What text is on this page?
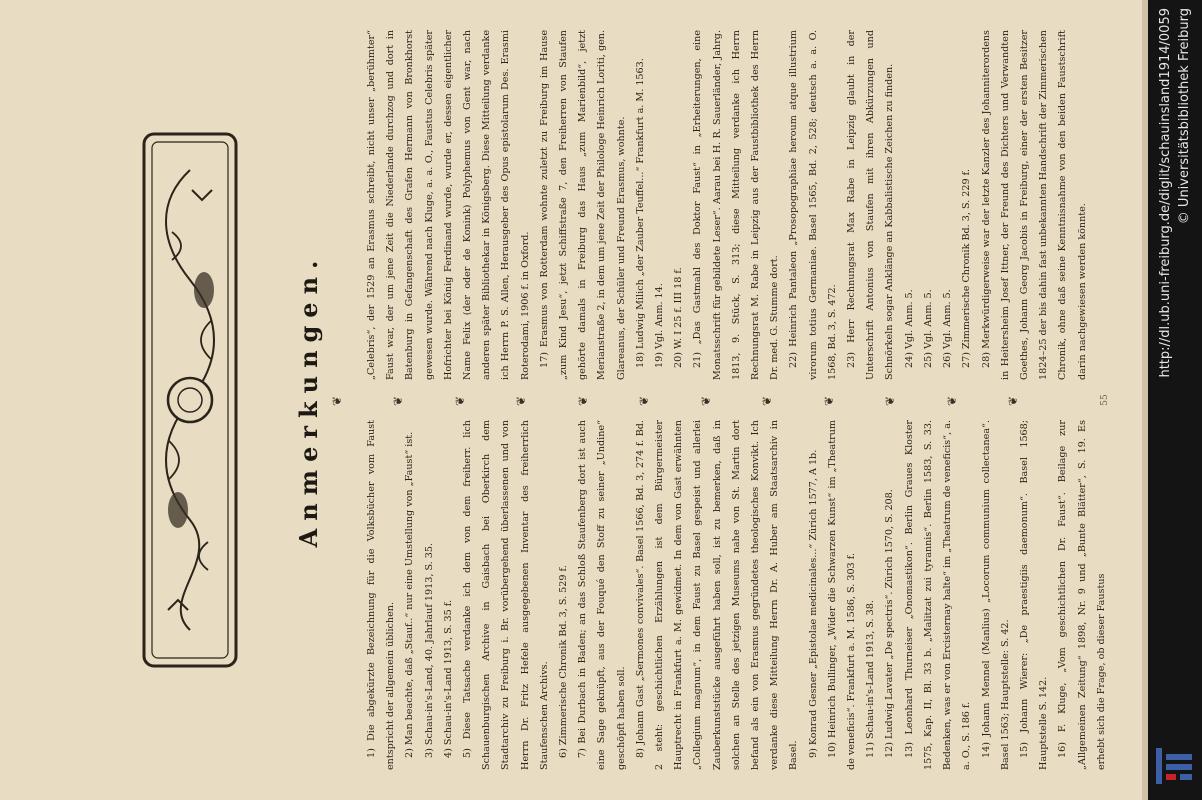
Anmerkungen.

1) Die abgekürzte Bezeichnung für die Volksbücher vom Faust entspricht der allgemein üblichen. 2) Man beachte, daß „Stauf..“ nur eine Umstellung von „Faust“ ist. 3) Schau-in's-Land, 40. Jahrlauf 1913, S. 35. 4) Schau-in's-Land 1913, S. 35 f. 5) Diese Tatsache verdanke ich dem von dem freiherr. lich Schauenburgischen Archive in Gaisbach bei Oberkirch dem Stadtarchiv zu Freiburg i. Br. vorübergehend überlassenen und von Herrn Dr. Fritz Hefele ausgegebenen Inventar des freiherrlich Staufenschen Archivs. 6) Zimmerische Chronik Bd. 3, S. 529 f. 7) Bei Durbach in Baden; an das Schloß Staufenberg dort ist auch eine Sage geknüpft, aus der Fouqué den Stoff zu seiner „Undine“ geschöpft haben soll. 8) Johann Gast „Sermones convivales“. Basel 1566, Bd. 3, 274 f. Bd. 2 steht: geschichtlichen Erzählungen ist dem Bürgermeister Hauptrecht in Frankfurt a. M. gewidmet. In dem von Gast erwähnten „Collegium magnum“, in dem Faust zu Basel gespeist und allerlei Zauberkunststücke ausgeführt haben soll, ist zu bemerken, daß in solchen an Stelle des jetzigen Museums nahe von St. Martin dort befand als ein von Erasmus gegründetes theologisches Konvikt. Ich verdanke diese Mitteilung Herrn Dr. A. Huber am Staatsarchiv in Basel. 9) Konrad Gesner „Epistolae medicinales...“ Zürich 1577, A 1b. 10) Heinrich Bullinger, „Wider die Schwarzen Kunst“ im „Theatrum de veneficis“. Frankfurt a. M. 1586, S. 303 f. 11) Schau-in's-Land 1913, S. 38. 12) Ludwig Lavater „De spectris“. Zürich 1570, S. 208. 13) Leonhard Thurneiser „Onomastikon“. Berlin Graues Kloster 1575, Kap. II, Bl. 33 b. „Malitzat zui tyrannis“. Berlin 1583, S. 33. Bedenken, was er von Ercisternay halte“ im „Theatrum de veneficis“, a. a. O., S. 186 f. 14) Johann Mennel (Manlius) „Locorum communium collectanea“. Basel 1563; Hauptstelle: S. 42. 15) Johann Wierer: „De praestigiis daemonum“. Basel 1568; Hauptstelle S. 142. 16) F. Kluge, „Vom geschichtlichen Dr. Faust“. Beilage zur „Allgemeinen Zeitung“ 1898, Nr. 9 und „Bunte Blätter“, S. 19. Es erhebt sich die Frage, ob dieser Faustus

❦	❦	❦	❦	❦	❦	❦	❦	❦	❦	❦	❦

„Celebris“, der 1529 an Erasmus schreibt, nicht unser „berühmter“ Faust war, der um jene Zeit die Niederlande durchzog und dort in Batenburg in Gefangenschaft des Grafen Hermann von Bronkhorst gewesen wurde. Während nach Kluge, a. a. O., Faustus Celebris später Hofrichter bei König Ferdinand wurde, wurde er, dessen eigentlicher Name Felix (der oder de Konink) Polyphemus von Gent war, nach anderen später Bibliothekar in Königsberg. Diese Mitteilung verdanke ich Herrn P. S. Allen, Herausgeber des Opus epistolarum Des. Erasmi Roterodami, 1906 f. in Oxford. 17) Erasmus von Rotterdam wohnte zuletzt zu Freiburg im Hause „zum Kind Jesu“, jetzt Schiffstraße 7, den Freiherren von Staufen gehörte damals in Freiburg das Haus „zum Marienbild“, jetzt Merianstraße 2, in dem um jene Zeit der Philologe Heinrich Loriti, gen. Glareanus, der Schüler und Freund Erasmus, wohnte. 18) Ludwig Milich „der Zauber Teuffel...“ Frankfurt a. M. 1563. 19) Vgl. Anm. 14. 20) W. I 25 f. III 18 f. 21) „Das Gastmahl des Doktor Faust“ in „Erheiterungen, eine Monatsschrift für gebildete Leser“. Aarau bei H. R. Sauerländer, Jahrg. 1813, 9. Stück, S. 313; diese Mitteilung verdanke ich Herrn Rechnungsrat M. Rabe in Leipzig aus der Faustbibliothek des Herrn Dr. med. G. Stumme dort. 22) Heinrich Pantaleon „Prosopographiae heroum atque illustrium virorum totius Germaniae. Basel 1565, Bd. 2, 528; deutsch a. a. O. 1568, Bd. 3, S. 472. 23) Herr Rechnungsrat Max Rabe in Leipzig glaubt in der Unterschrift Antonius von Staufen mit ihren Abkürzungen und Schnörkeln sogar Anklänge an Kabbalistische Zeichen zu finden. 24) Vgl. Anm. 5. 25) Vgl. Anm. 5. 26) Vgl. Anm. 5. 27) Zimmerische Chronik Bd. 3, S. 229 f. 28) Merkwürdigerweise war der letzte Kanzler des Johanniterordens in Heitersheim Josef Ittner, der Freund des Dichters und Verwandten Goethes, Johann Georg Jacobis in Freiburg, einer der ersten Besitzer 1824–25 der bis dahin fast unbekannten Handschrift der Zimmerischen Chronik, ohne daß seine Kenntnisnahme von den beiden Faustschrift darin nachgewiesen werden könnte.

55
http://dl.ub.uni-freiburg.de/diglit/schauinsland1914/0059 © Universitätsbibliothek Freiburg
